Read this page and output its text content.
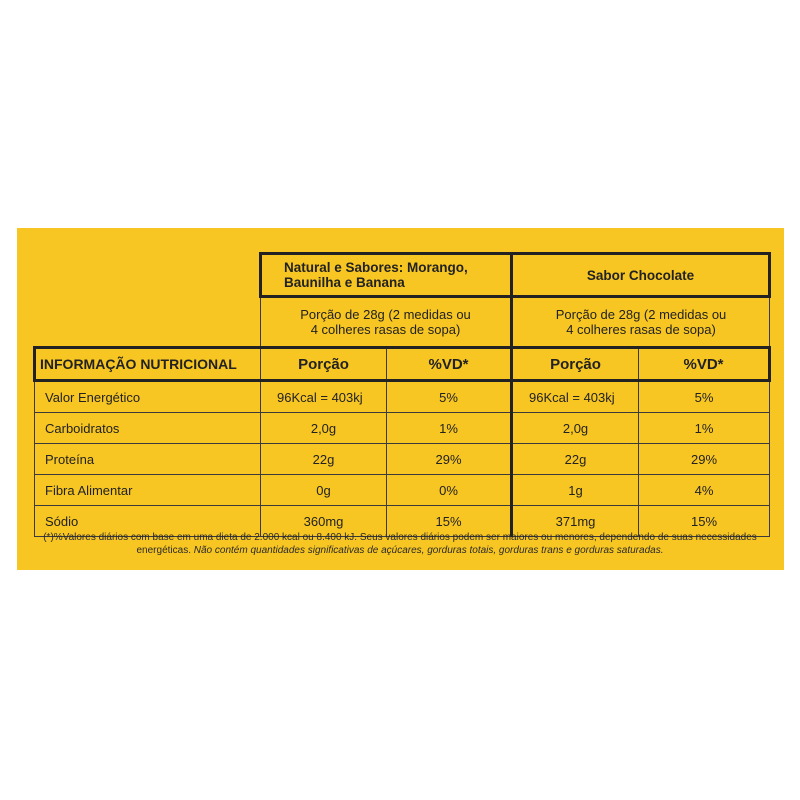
	Natural e Sabores: Morango, Baunilha e Banana		Sabor Chocolate	
	Porção de 28g (2 medidas ou
4 colheres rasas de sopa)		Porção de 28g (2 medidas ou
4 colheres rasas de sopa)	
INFORMAÇÃO NUTRICIONAL	Porção	%VD*	Porção	%VD*
Valor Energético	96Kcal = 403kj	5%	96Kcal = 403kj	5%
Carboidratos	2,0g	1%	2,0g	1%
Proteína	22g	29%	22g	29%
Fibra Alimentar	0g	0%	1g	4%
Sódio	360mg	15%	371mg	15%
(*)%Valores diários com base em uma dieta de 2.000 kcal ou 8.400 kJ. Seus valores diários podem ser maiores ou menores, dependendo de suas necessidades energéticas. Não contém quantidades significativas de açúcares, gorduras totais, gorduras trans e gorduras saturadas.
